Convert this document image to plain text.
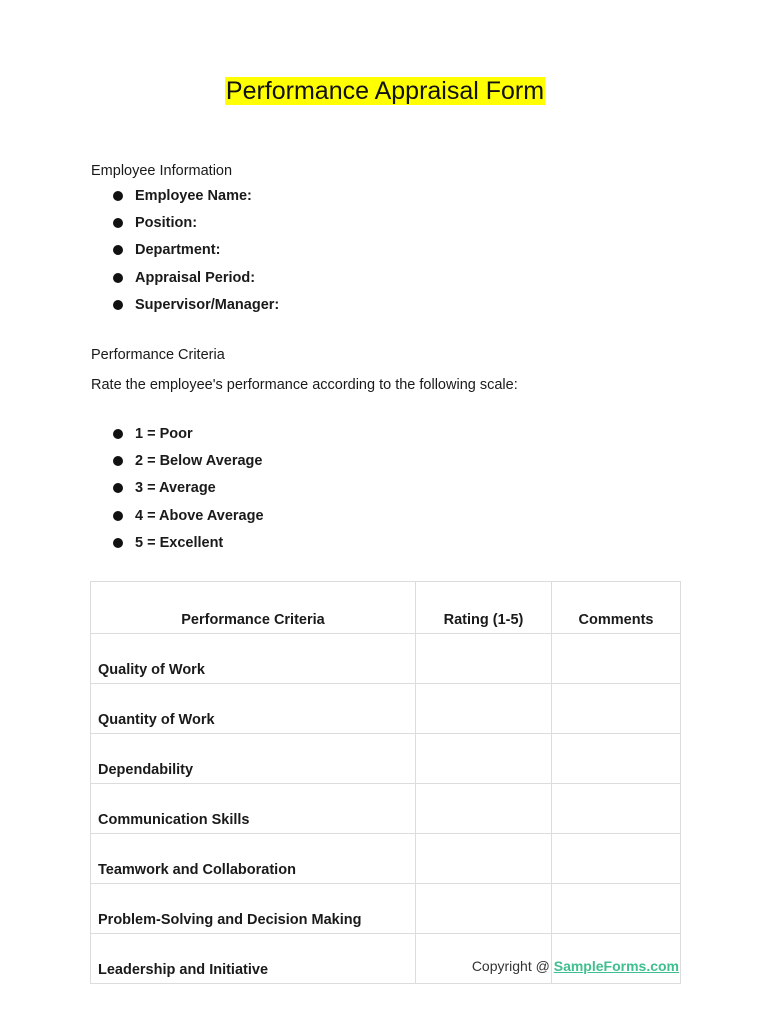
Performance Appraisal Form
Employee Information
Employee Name:
Position:
Department:
Appraisal Period:
Supervisor/Manager:
Performance Criteria

Rate the employee's performance according to the following scale:

1 = Poor
2 = Below Average
3 = Average
4 = Above Average
5 = Excellent
Performance Criteria	Rating (1-5)	Comments
Quality of Work		
Quantity of Work		
Dependability		
Communication Skills		
Teamwork and Collaboration		
Problem-Solving and Decision Making		
Leadership and Initiative			Copyright @ SampleForms.com
